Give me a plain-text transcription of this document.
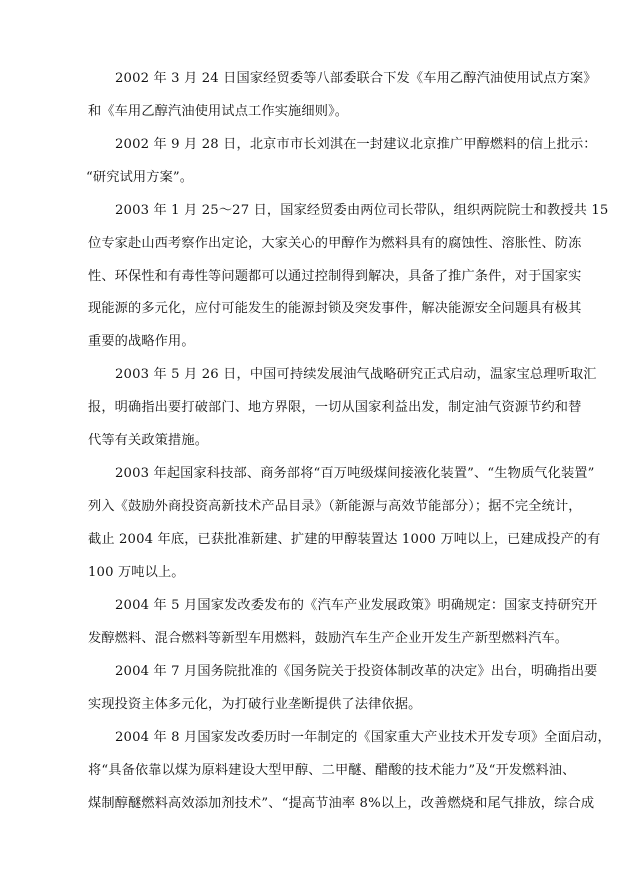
2002 年 3 月 24 日国家经贸委等八部委联合下发《车用乙醇汽油使用试点方案》
和《车用乙醇汽油使用试点工作实施细则》。
2002 年 9 月 28 日，北京市市长刘淇在一封建议北京推广甲醇燃料的信上批示：
“研究试用方案”。
2003 年 1 月 25～27 日，国家经贸委由两位司长带队，组织两院院士和教授共 15
位专家赴山西考察作出定论，大家关心的甲醇作为燃料具有的腐蚀性、溶胀性、防冻
性、环保性和有毒性等问题都可以通过控制得到解决，具备了推广条件，对于国家实
现能源的多元化，应付可能发生的能源封锁及突发事件，解决能源安全问题具有极其
重要的战略作用。
2003 年 5 月 26 日，中国可持续发展油气战略研究正式启动，温家宝总理听取汇
报，明确指出要打破部门、地方界限，一切从国家利益出发，制定油气资源节约和替
代等有关政策措施。
2003 年起国家科技部、商务部将“百万吨级煤间接液化装置”、“生物质气化装置”
列入《鼓励外商投资高新技术产品目录》（新能源与高效节能部分）；据不完全统计，
截止 2004 年底，已获批准新建、扩建的甲醇装置达 1000 万吨以上，已建成投产的有
100 万吨以上。
2004 年 5 月国家发改委发布的《汽车产业发展政策》明确规定：国家支持研究开
发醇燃料、混合燃料等新型车用燃料，鼓励汽车生产企业开发生产新型燃料汽车。
2004 年 7 月国务院批准的《国务院关于投资体制改革的决定》出台，明确指出要
实现投资主体多元化，为打破行业垄断提供了法律依据。
2004 年 8 月国家发改委历时一年制定的《国家重大产业技术开发专项》全面启动，
将“具备依靠以煤为原料建设大型甲醇、二甲醚、醋酸的技术能力”及“开发燃料油、
煤制醇醚燃料高效添加剂技术”、“提高节油率 8%以上，改善燃烧和尾气排放，综合成
